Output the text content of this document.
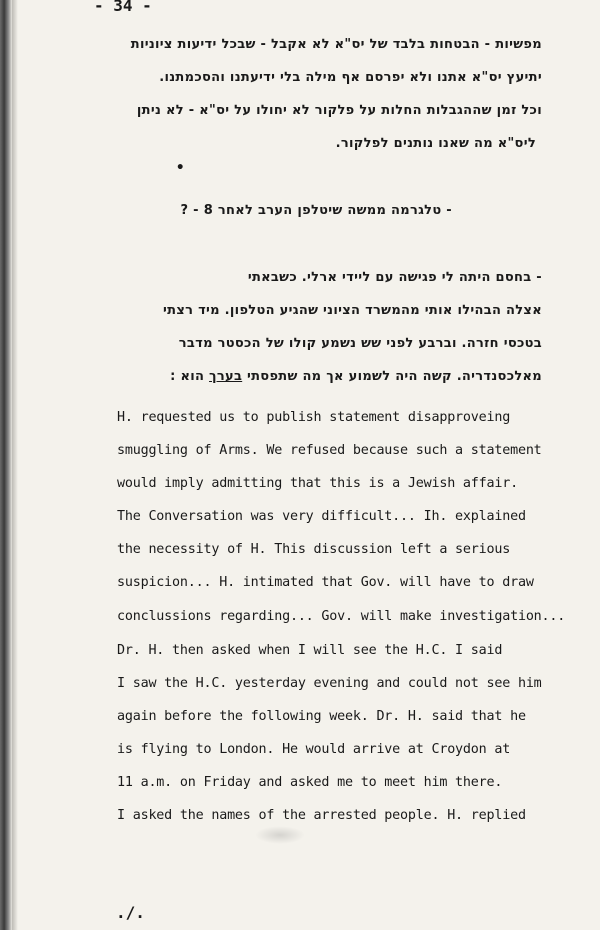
- 34 -
מפשיות - הבטחות בלבד של יס"א לא אקבל - שבכל ידיעות ציוניות
יתיעץ יס"א אתנו ולא יפרסם אף מילה בלי ידיעתנו והסכמתנו.
וכל זמן שההגבלות החלות על פלקור לא יחולו על יס"א - לא ניתן
ליס"א מה שאנו נותנים לפלקור.
•
- טלגרמה ממשה שיטלפן הערב לאחר 8 - ?
- בחסם היתה לי פגישה עם ליידי ארלי. כשבאתי
אצלה הבהילו אותי מהמשרד הציוני שהגיע הטלפון. מיד רצתי
בטכסי חזרה. וברבע לפני שש נשמע קולו של הכסטר מדבר
מאלכסנדריה. קשה היה לשמוע אך מה שתפסתי בערך הוא :
H. requested us to publish statement disapproveing
smuggling of Arms. We refused because such a statement
would imply admitting that this is a Jewish affair.
The Conversation was very difficult... Ih. explained
the necessity of H. This discussion left a serious
suspicion... H. intimated that Gov. will have to draw
conclussions regarding... Gov. will make investigation...
Dr. H. then asked when I will see the H.C. I said
I saw the H.C. yesterday evening and could not see him
again before the following week. Dr. H. said that he
is flying to London. He would arrive at Croydon at
11 a.m. on Friday and asked me to meet him there.
I asked the names of the arrested people. H. replied
./.
